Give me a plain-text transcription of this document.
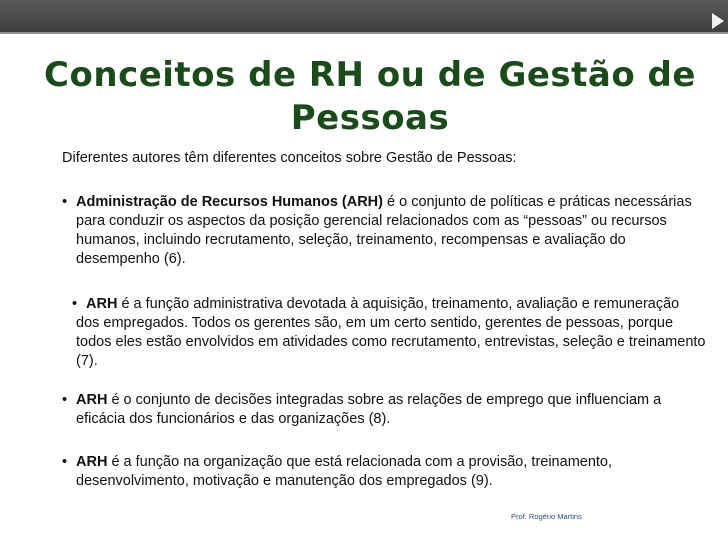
Conceitos de RH ou de Gestão de Pessoas

Diferentes autores têm diferentes conceitos sobre Gestão de Pessoas:

• Administração de Recursos Humanos (ARH) é o conjunto de políticas e práticas necessárias para conduzir os aspectos da posição gerencial relacionados com as “pessoas” ou recursos humanos, incluindo recrutamento, seleção, treinamento, recompensas e avaliação do desempenho (6).

• ARH é a função administrativa devotada à aquisição, treinamento, avaliação e remuneração dos empregados. Todos os gerentes são, em um certo sentido, gerentes de pessoas, porque todos eles estão envolvidos em atividades como recrutamento, entrevistas, seleção e treinamento (7).

• ARH é o conjunto de decisões integradas sobre as relações de emprego que influenciam a eficácia dos funcionários e das organizações (8).

• ARH é a função na organização que está relacionada com a provisão, treinamento, desenvolvimento, motivação e manutenção dos empregados (9).

Prof. Rogério Martins
